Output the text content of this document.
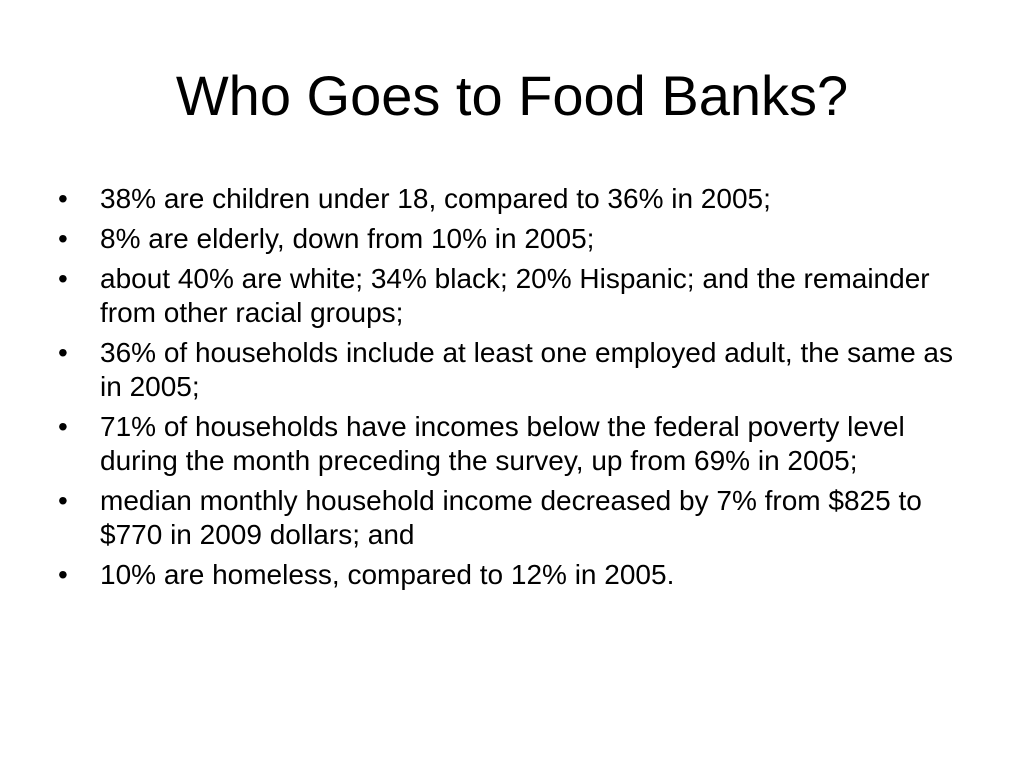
Who Goes to Food Banks?
•	38% are children under 18, compared to 36% in 2005;
•	8% are elderly, down from 10% in 2005;
•	about 40% are white; 34% black; 20% Hispanic; and the remainder from other racial groups;
•	36% of households include at least one employed adult, the same as in 2005;
•	71% of households have incomes below the federal poverty level during the month preceding the survey, up from 69% in 2005;
•	median monthly household income decreased by 7% from $825 to $770 in 2009 dollars; and
•	10% are homeless, compared to 12% in 2005.
